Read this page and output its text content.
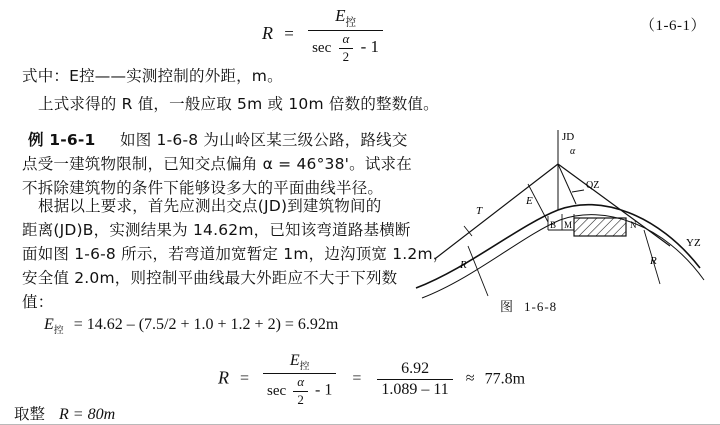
$R = \frac{E_控}{\sec \frac{\alpha}{2} - 1}$	（1-6-1）
式中：E控——实测控制的外距，m。
上式求得的 R 值，一般应取 5m 或 10m 倍数的整数值。
例 1-6-1 如图 1-6-8 为山岭区某三级公路，路线交
点受一建筑物限制，已知交点偏角 α = 46°38'。试求在
不拆除建筑物的条件下能够设多大的平面曲线半径。
根据以上要求，首先应测出交点(JD)到建筑物间的
距离(JD)B，实测结果为 14.62m，已知该弯道路基横断
面如图 1-6-8 所示，若弯道加宽暂定 1m，边沟顶宽 1.2m，
安全值 2.0m，则控制平曲线最大外距应不大于下列数
值：
$E_控 = 14.62 - (7.5/2 + 1.0 + 1.2 + 2) = 6.92m$
$R = \frac{E_控}{\sec \frac{\alpha}{2} - 1} = \frac{6.92}{1.089 - 11} \approx 77.8m$
取整 R = 80m
JD
α
QZ
YZ
T
E
R	R
B M	N
图 1-6-8
